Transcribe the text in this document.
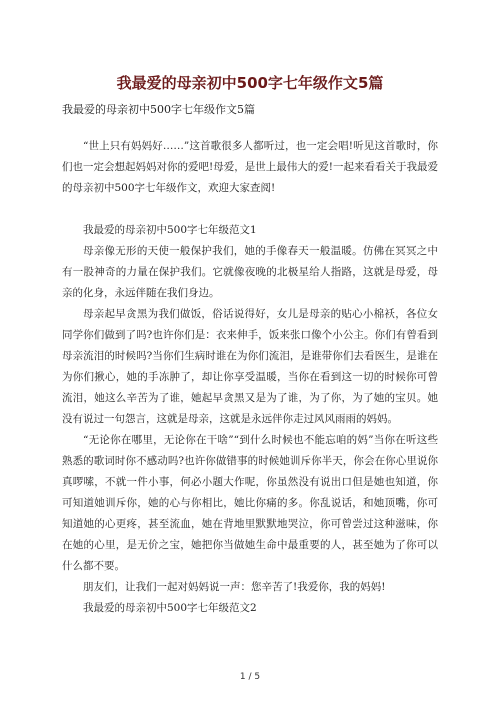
我最爱的母亲初中500字七年级作文5篇
我最爱的母亲初中500字七年级作文5篇

“世上只有妈妈好……”这首歌很多人都听过，也一定会唱!听见这首歌时，你们也一定会想起妈妈对你的爱吧!母爱，是世上最伟大的爱!一起来看看关于我最爱的母亲初中500字七年级作文，欢迎大家查阅!

我最爱的母亲初中500字七年级范文1

母亲像无形的天使一般保护我们，她的手像春天一般温暖。仿佛在冥冥之中有一股神奇的力量在保护我们。它就像夜晚的北极星给人指路，这就是母爱，母亲的化身，永远伴随在我们身边。

母亲起早贪黑为我们做饭，俗话说得好，女儿是母亲的贴心小棉袄，各位女同学你们做到了吗?也许你们是：衣来伸手，饭来张口像个小公主。你们有曾看到母亲流泪的时候吗?当你们生病时谁在为你们流泪，是谁带你们去看医生，是谁在为你们揪心，她的手冻肿了，却让你享受温暖，当你在看到这一切的时候你可曾流泪，她这么辛苦为了谁，她起早贪黑又是为了谁，为了你，为了她的宝贝。她没有说过一句怨言，这就是母亲，这就是永远伴你走过风风雨雨的妈妈。

“无论你在哪里，无论你在干啥”“到什么时候也不能忘咱的妈”当你在听这些熟悉的歌词时你不感动吗?也许你做错事的时候她训斥你半天，你会在你心里说你真啰嗦，不就一件小事，何必小题大作呢，你虽然没有说出口但是她也知道，你可知道她训斥你，她的心与你相比，她比你痛的多。你乱说话，和她顶嘴，你可知道她的心更疼，甚至流血，她在背地里默默地哭泣，你可曾尝过这种滋味，你在她的心里，是无价之宝，她把你当做她生命中最重要的人，甚至她为了你可以什么都不要。

朋友们，让我们一起对妈妈说一声：您辛苦了!我爱你，我的妈妈!

我最爱的母亲初中500字七年级范文2

1 / 5
